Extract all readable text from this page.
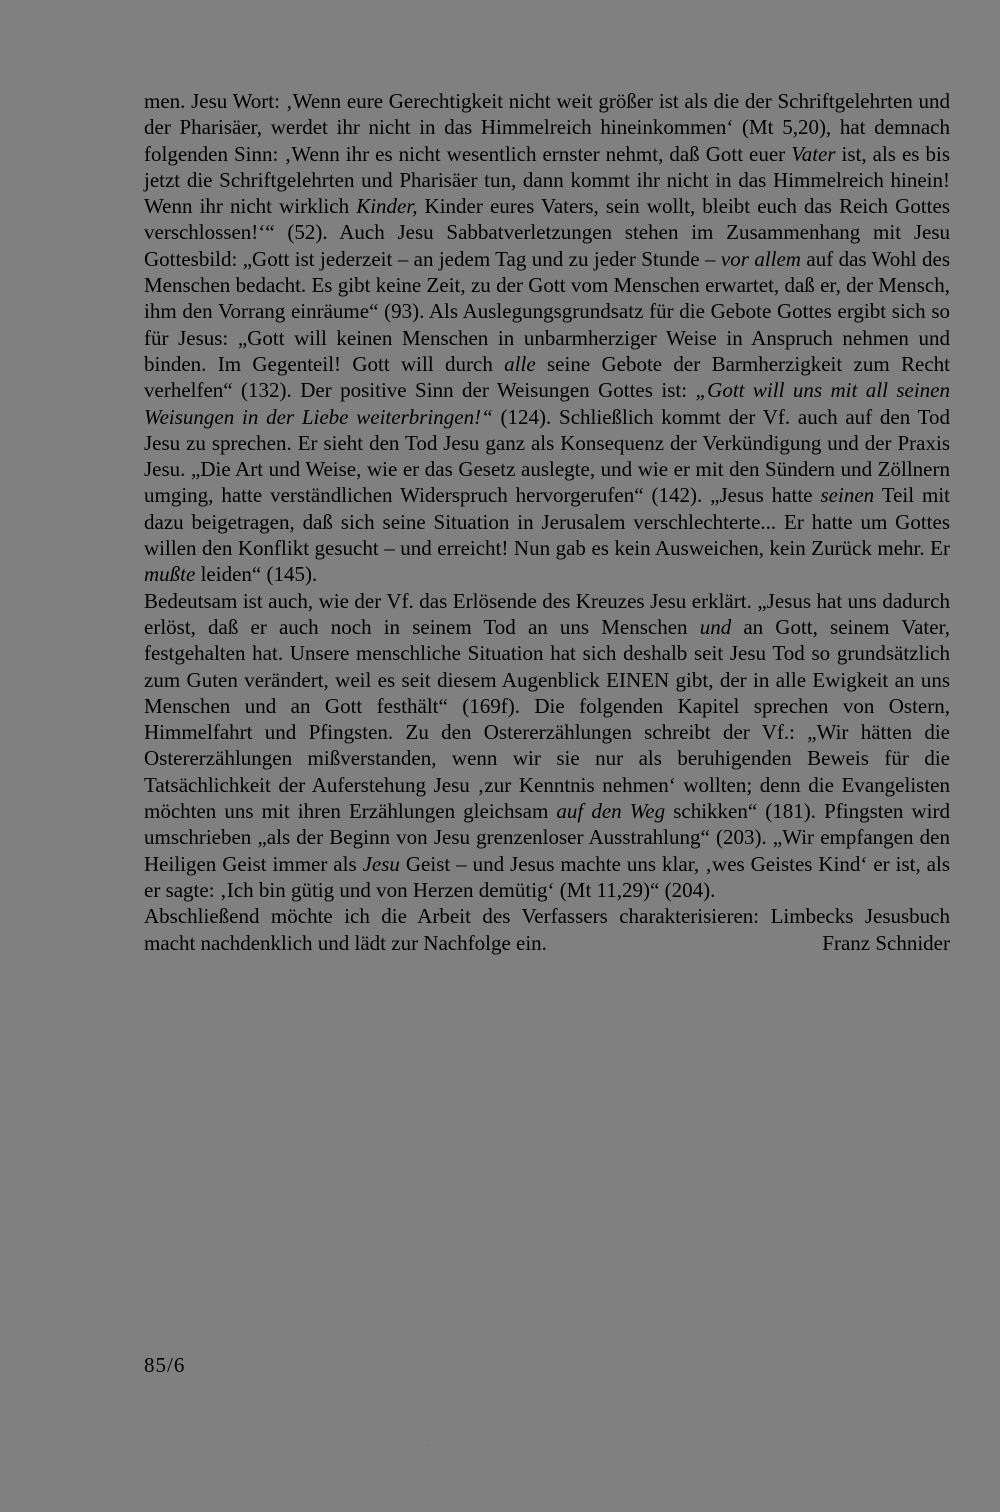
men. Jesu Wort: ‚Wenn eure Gerechtigkeit nicht weit größer ist als die der Schriftgelehrten und der Pharisäer, werdet ihr nicht in das Himmelreich hineinkommen‘ (Mt 5,20), hat demnach folgenden Sinn: ‚Wenn ihr es nicht wesentlich ernster nehmt, daß Gott euer Vater ist, als es bis jetzt die Schriftgelehrten und Pharisäer tun, dann kommt ihr nicht in das Himmelreich hinein! Wenn ihr nicht wirklich Kinder, Kinder eures Vaters, sein wollt, bleibt euch das Reich Gottes verschlossen!‘“ (52). Auch Jesu Sabbatverletzungen stehen im Zusammenhang mit Jesu Gottesbild: „Gott ist jederzeit – an jedem Tag und zu jeder Stunde – vor allem auf das Wohl des Menschen bedacht. Es gibt keine Zeit, zu der Gott vom Menschen erwartet, daß er, der Mensch, ihm den Vorrang einräume“ (93). Als Auslegungsgrundsatz für die Gebote Gottes ergibt sich so für Jesus: „Gott will keinen Menschen in unbarmherziger Weise in Anspruch nehmen und binden. Im Gegenteil! Gott will durch alle seine Gebote der Barmherzigkeit zum Recht verhelfen“ (132). Der positive Sinn der Weisungen Gottes ist: „Gott will uns mit all seinen Weisungen in der Liebe weiterbringen!“ (124). Schließlich kommt der Vf. auch auf den Tod Jesu zu sprechen. Er sieht den Tod Jesu ganz als Konsequenz der Verkündigung und der Praxis Jesu. „Die Art und Weise, wie er das Gesetz auslegte, und wie er mit den Sündern und Zöllnern umging, hatte verständlichen Widerspruch hervorgerufen“ (142). „Jesus hatte seinen Teil mit dazu beigetragen, daß sich seine Situation in Jerusalem verschlechterte... Er hatte um Gottes willen den Konflikt gesucht – und erreicht! Nun gab es kein Ausweichen, kein Zurück mehr. Er mußte leiden“ (145).

Bedeutsam ist auch, wie der Vf. das Erlösende des Kreuzes Jesu erklärt. „Jesus hat uns dadurch erlöst, daß er auch noch in seinem Tod an uns Menschen und an Gott, seinem Vater, festgehalten hat. Unsere menschliche Situation hat sich deshalb seit Jesu Tod so grundsätzlich zum Guten verändert, weil es seit diesem Augenblick EINEN gibt, der in alle Ewigkeit an uns Menschen und an Gott festhält“ (169f). Die folgenden Kapitel sprechen von Ostern, Himmelfahrt und Pfingsten. Zu den Ostererzählungen schreibt der Vf.: „Wir hätten die Ostererzählungen mißverstanden, wenn wir sie nur als beruhigenden Beweis für die Tatsächlichkeit der Auferstehung Jesu ‚zur Kenntnis nehmen‘ wollten; denn die Evangelisten möchten uns mit ihren Erzählungen gleichsam auf den Weg schikken“ (181). Pfingsten wird umschrieben „als der Beginn von Jesu grenzenloser Ausstrahlung“ (203). „Wir empfangen den Heiligen Geist immer als Jesu Geist – und Jesus machte uns klar, ‚wes Geistes Kind‘ er ist, als er sagte: ‚Ich bin gütig und von Herzen demütig‘ (Mt 11,29)“ (204).

Abschließend möchte ich die Arbeit des Verfassers charakterisieren: Limbecks Jesusbuch macht nachdenklich und lädt zur Nachfolge ein.	Franz Schnider

85/6
